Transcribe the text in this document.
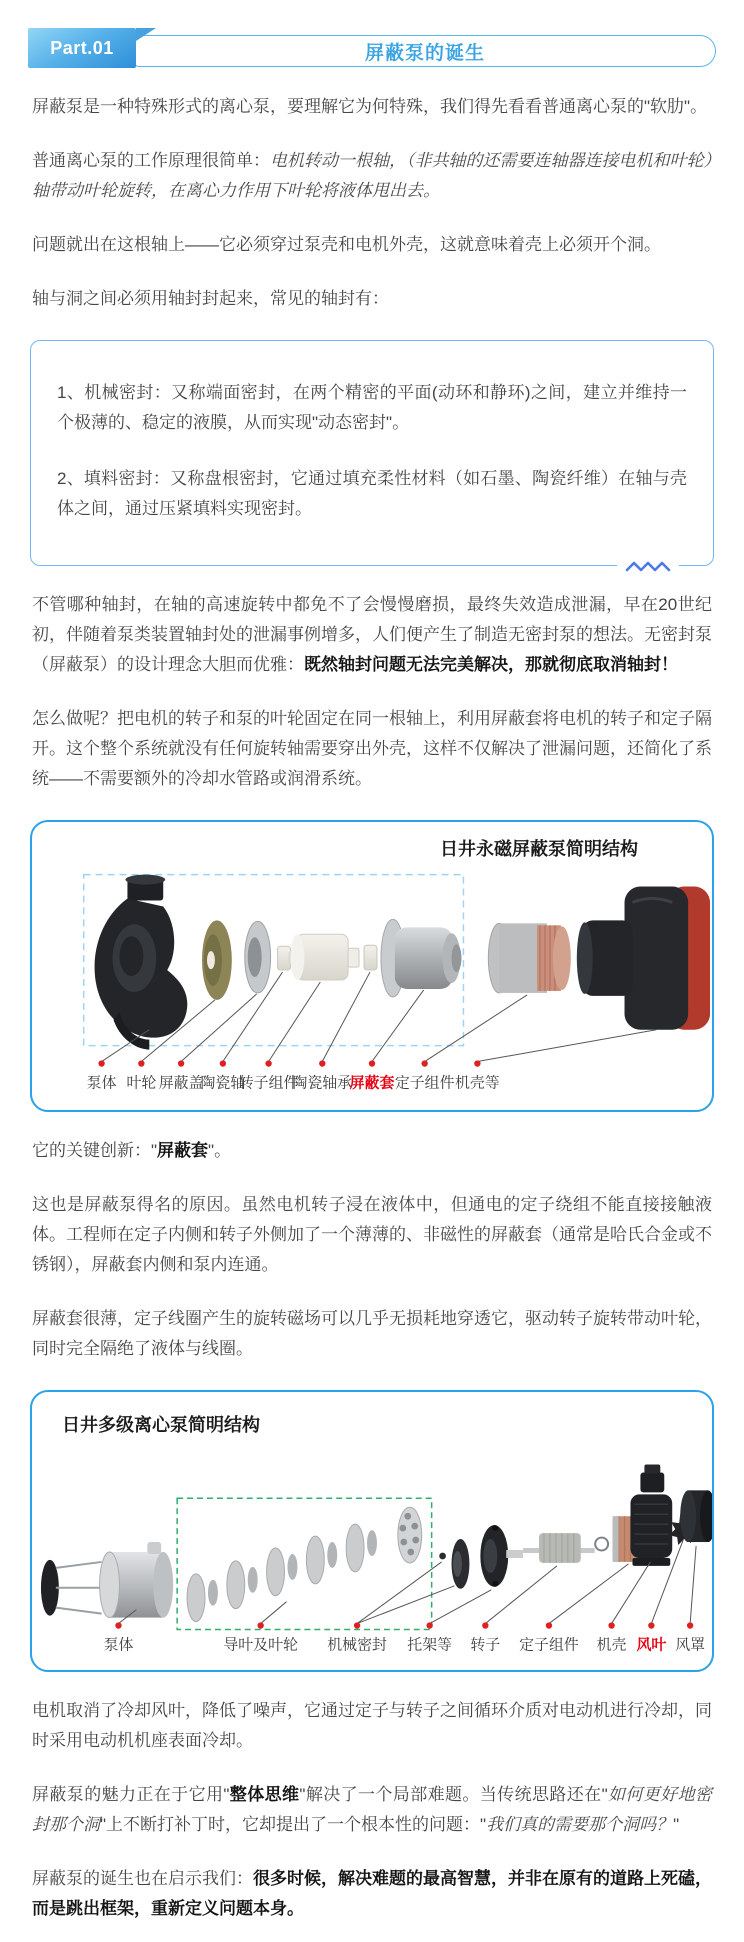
屏蔽泵的诞生
Part.01

屏蔽泵是一种特殊形式的离心泵，要理解它为何特殊，我们得先看看普通离心泵的"软肋"。

普通离心泵的工作原理很简单：电机转动一根轴，（非共轴的还需要连轴器连接电机和叶轮）轴带动叶轮旋转，在离心力作用下叶轮将液体甩出去。

问题就出在这根轴上——它必须穿过泵壳和电机外壳，这就意味着壳上必须开个洞。

轴与洞之间必须用轴封封起来，常见的轴封有：

1、机械密封：又称端面密封，在两个精密的平面(动环和静环)之间，建立并维持一个极薄的、稳定的液膜，从而实现"动态密封"。

2、填料密封：又称盘根密封，它通过填充柔性材料（如石墨、陶瓷纤维）在轴与壳体之间，通过压紧填料实现密封。

不管哪种轴封，在轴的高速旋转中都免不了会慢慢磨损，最终失效造成泄漏，早在20世纪初，伴随着泵类装置轴封处的泄漏事例增多，人们便产生了制造无密封泵的想法。无密封泵（屏蔽泵）的设计理念大胆而优雅：既然轴封问题无法完美解决，那就彻底取消轴封！

怎么做呢？把电机的转子和泵的叶轮固定在同一根轴上，利用屏蔽套将电机的转子和定子隔开。这个整个系统就没有任何旋转轴需要穿出外壳，这样不仅解决了泄漏问题，还简化了系统——不需要额外的冷却水管路或润滑系统。

日井永磁屏蔽泵简明结构
泵体 叶轮 屏蔽盖
陶瓷轴
转子组件
陶瓷轴承
屏蔽套 定子组件 机壳等

它的关键创新："屏蔽套"。

这也是屏蔽泵得名的原因。虽然电机转子浸在液体中，但通电的定子绕组不能直接接触液体。工程师在定子内侧和转子外侧加了一个薄薄的、非磁性的屏蔽套（通常是哈氏合金或不锈钢），屏蔽套内侧和泵内连通。

屏蔽套很薄，定子线圈产生的旋转磁场可以几乎无损耗地穿透它，驱动转子旋转带动叶轮，同时完全隔绝了液体与线圈。

日井多级离心泵简明结构
泵体	导叶及叶轮 机械密封 托架等 转子 定子组件 机壳 风叶 风罩

电机取消了冷却风叶，降低了噪声，它通过定子与转子之间循环介质对电动机进行冷却，同时采用电动机机座表面冷却。

屏蔽泵的魅力正在于它用"整体思维"解决了一个局部难题。当传统思路还在"如何更好地密封那个洞"上不断打补丁时，它却提出了一个根本性的问题："我们真的需要那个洞吗？"

屏蔽泵的诞生也在启示我们：很多时候，解决难题的最高智慧，并非在原有的道路上死磕，而是跳出框架，重新定义问题本身。
